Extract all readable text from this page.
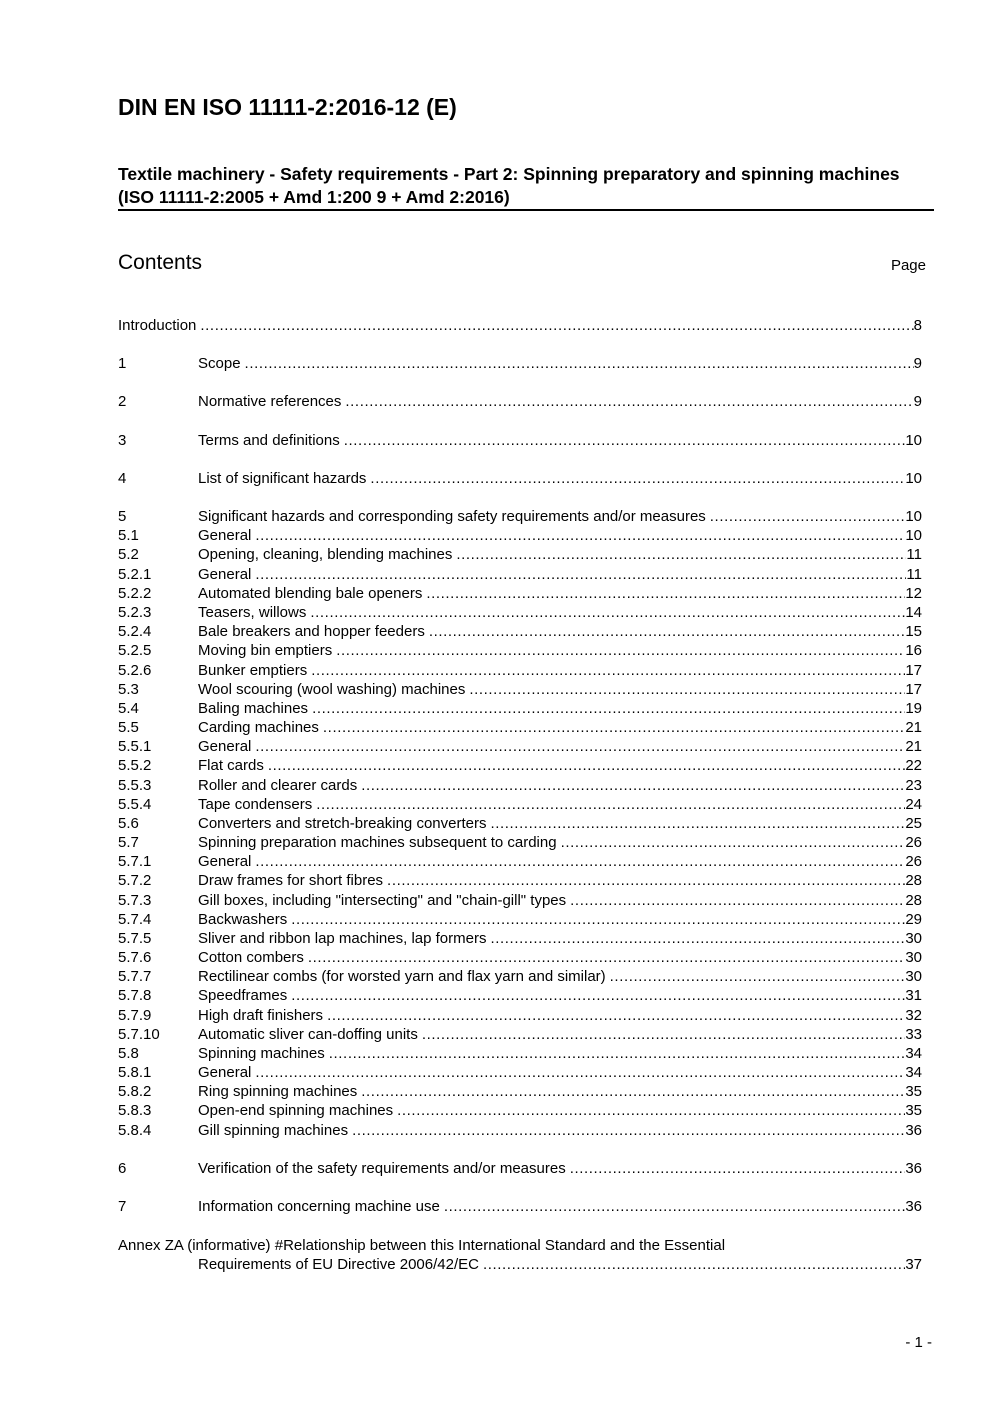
DIN EN ISO 11111-2:2016-12 (E)
Textile machinery - Safety requirements - Part 2: Spinning preparatory and spinning machines (ISO 11111-2:2005 + Amd 1:200 9 + Amd 2:2016)
Contents	Page
Introduction .....	8
1	Scope .....	9
2	Normative references .....	9
3	Terms and definitions .....	10
4	List of significant hazards .....	10
5	Significant hazards and corresponding safety requirements and/or measures .....	10
5.1	General .....	10
5.2	Opening, cleaning, blending machines .....	11
5.2.1	General .....	11
5.2.2	Automated blending bale openers .....	12
5.2.3	Teasers, willows .....	14
5.2.4	Bale breakers and hopper feeders .....	15
5.2.5	Moving bin emptiers .....	16
5.2.6	Bunker emptiers .....	17
5.3	Wool scouring (wool washing) machines .....	17
5.4	Baling machines .....	19
5.5	Carding machines .....	21
5.5.1	General .....	21
5.5.2	Flat cards .....	22
5.5.3	Roller and clearer cards .....	23
5.5.4	Tape condensers .....	24
5.6	Converters and stretch-breaking converters .....	25
5.7	Spinning preparation machines subsequent to carding .....	26
5.7.1	General .....	26
5.7.2	Draw frames for short fibres .....	28
5.7.3	Gill boxes, including "intersecting" and "chain-gill" types .....	28
5.7.4	Backwashers .....	29
5.7.5	Sliver and ribbon lap machines, lap formers .....	30
5.7.6	Cotton combers .....	30
5.7.7	Rectilinear combs (for worsted yarn and flax yarn and similar) .....	30
5.7.8	Speedframes .....	31
5.7.9	High draft finishers .....	32
5.7.10	Automatic sliver can-doffing units .....	33
5.8	Spinning machines .....	34
5.8.1	General .....	34
5.8.2	Ring spinning machines .....	35
5.8.3	Open-end spinning machines .....	35
5.8.4	Gill spinning machines .....	36
6	Verification of the safety requirements and/or measures .....	36
7	Information concerning machine use .....	36
Annex ZA (informative) #Relationship between this International Standard and the Essential
Requirements of EU Directive 2006/42/EC .....	37
- 1 -
